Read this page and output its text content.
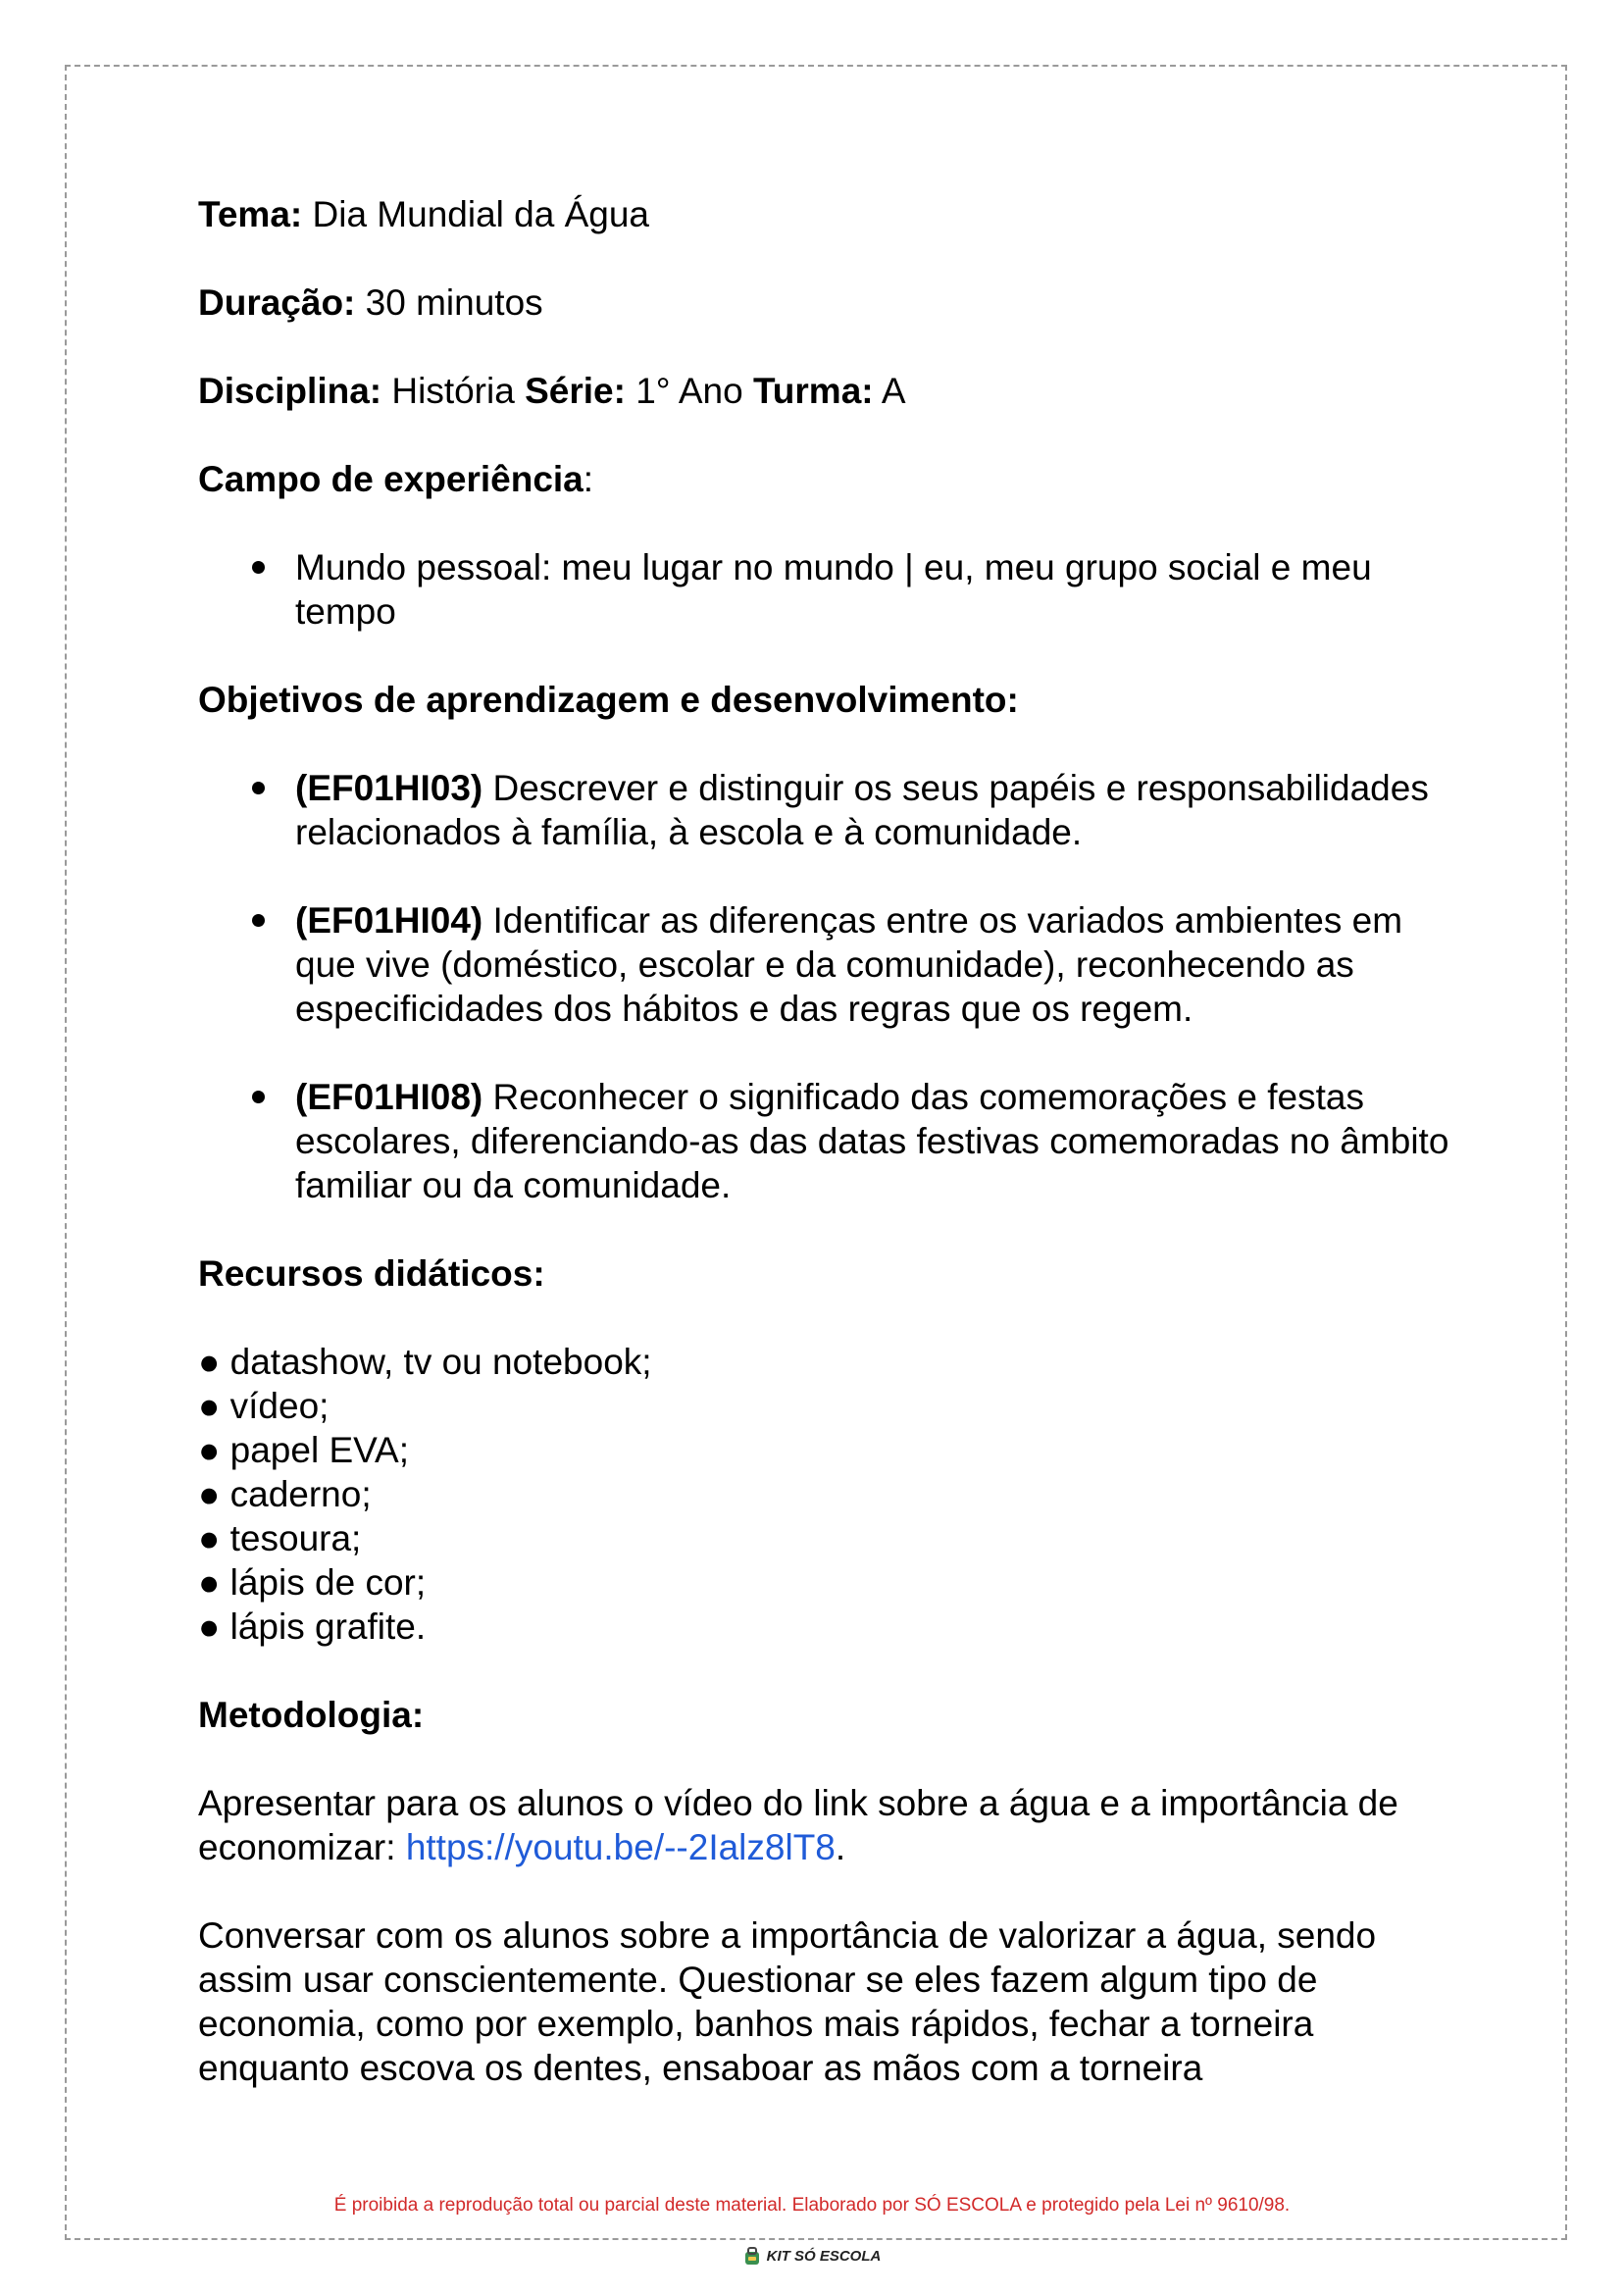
Tema: Dia Mundial da Água

Duração: 30 minutos

Disciplina: História Série: 1° Ano Turma: A

Campo de experiência:

Mundo pessoal: meu lugar no mundo | eu, meu grupo social e meu tempo

Objetivos de aprendizagem e desenvolvimento:

(EF01HI03) Descrever e distinguir os seus papéis e responsabilidades relacionados à família, à escola e à comunidade.
(EF01HI04) Identificar as diferenças entre os variados ambientes em que vive (doméstico, escolar e da comunidade), reconhecendo as especificidades dos hábitos e das regras que os regem.
(EF01HI08) Reconhecer o significado das comemorações e festas escolares, diferenciando-as das datas festivas comemoradas no âmbito familiar ou da comunidade.

Recursos didáticos:

● datashow, tv ou notebook;
● vídeo;
● papel EVA;
● caderno;
● tesoura;
● lápis de cor;
● lápis grafite.

Metodologia:

Apresentar para os alunos o vídeo do link sobre a água e a importância de economizar: https://youtu.be/--2Ialz8lT8.

Conversar com os alunos sobre a importância de valorizar a água, sendo assim usar conscientemente. Questionar se eles fazem algum tipo de economia, como por exemplo, banhos mais rápidos, fechar a torneira enquanto escova os dentes, ensaboar as mãos com a torneira

É proibida a reprodução total ou parcial deste material. Elaborado por SÓ ESCOLA e protegido pela Lei nº 9610/98.
KIT SÓ ESCOLA
